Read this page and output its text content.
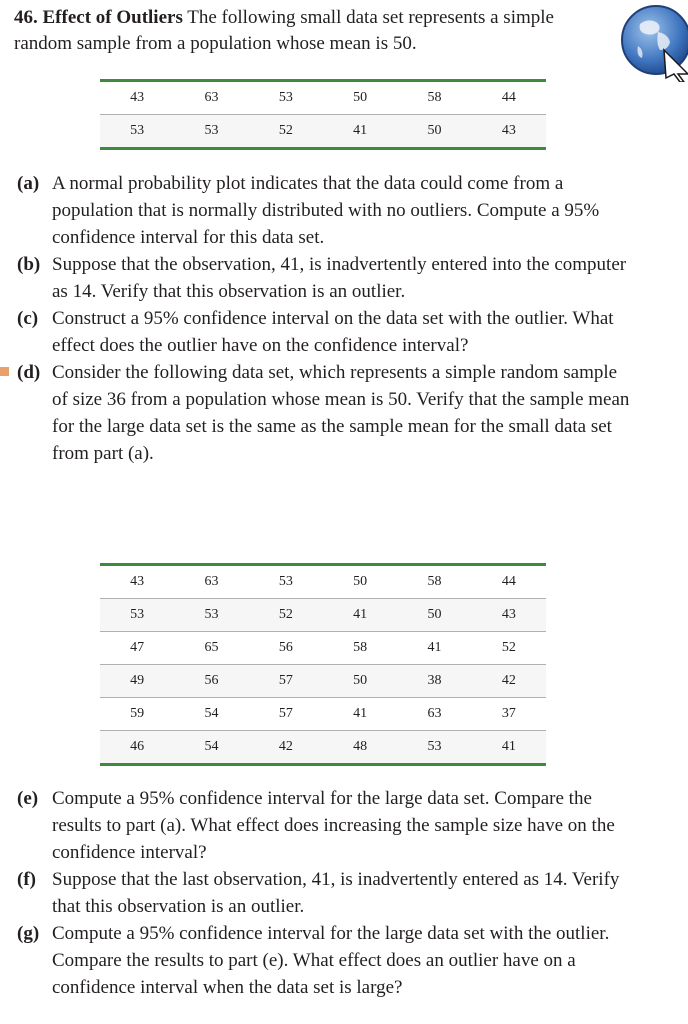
46. Effect of Outliers The following small data set represents a simple random sample from a population whose mean is 50.
43	63	53	50	58	44
53	53	52	41	50	43
(a) A normal probability plot indicates that the data could come from a population that is normally distributed with no outliers. Compute a 95% confidence interval for this data set.
(b) Suppose that the observation, 41, is inadvertently entered into the computer as 14. Verify that this observation is an outlier.
(c) Construct a 95% confidence interval on the data set with the outlier. What effect does the outlier have on the confidence interval?
(d) Consider the following data set, which represents a simple random sample of size 36 from a population whose mean is 50. Verify that the sample mean for the large data set is the same as the sample mean for the small data set from part (a).
43	63	53	50	58	44
53	53	52	41	50	43
47	65	56	58	41	52
49	56	57	50	38	42
59	54	57	41	63	37
46	54	42	48	53	41
(e) Compute a 95% confidence interval for the large data set. Compare the results to part (a). What effect does increasing the sample size have on the confidence interval?
(f) Suppose that the last observation, 41, is inadvertently entered as 14. Verify that this observation is an outlier.
(g) Compute a 95% confidence interval for the large data set with the outlier. Compare the results to part (e). What effect does an outlier have on a confidence interval when the data set is large?
